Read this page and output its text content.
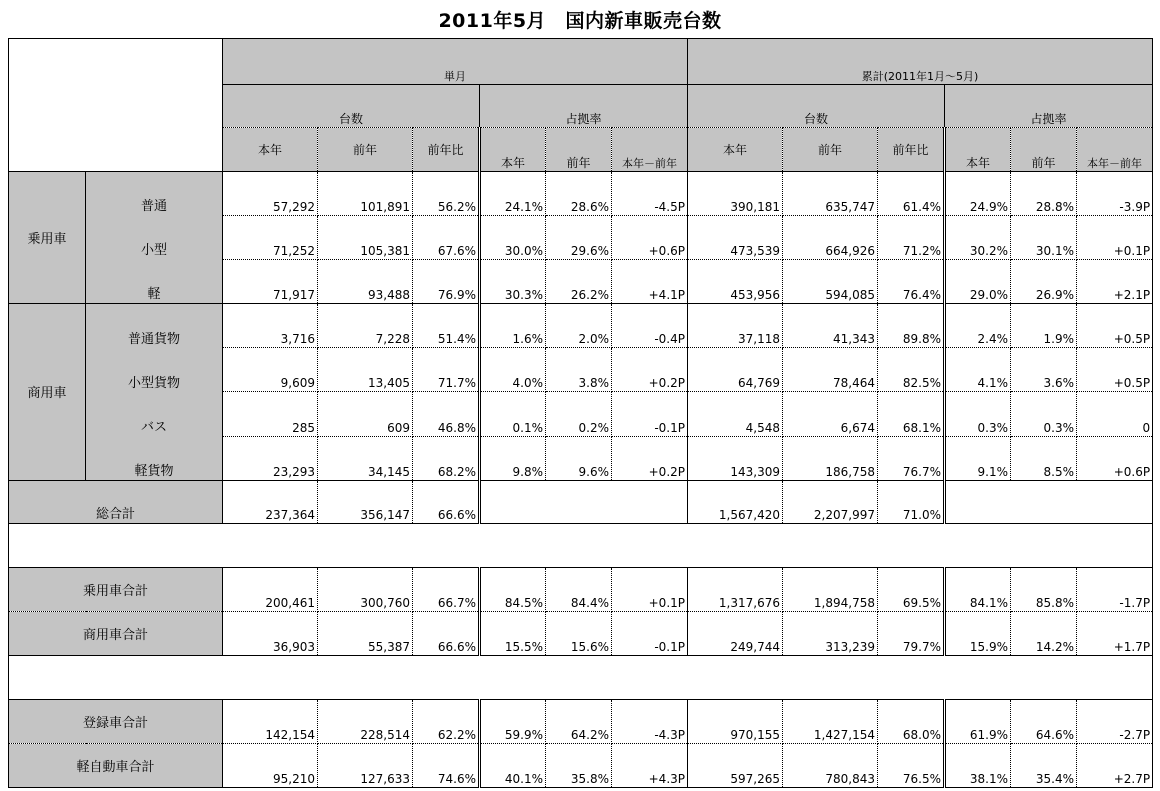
2011年5月　国内新車販売台数
		単月						累計(2011年1月～5月)					
		台数			占拠率			台数			占拠率		
		本年	前年	前年比	本年	前年	本年－前年	本年	前年	前年比	本年	前年	本年－前年
乗用車	普通	57,292	101,891	56.2%	24.1%	28.6%	-4.5P	390,181	635,747	61.4%	24.9%	28.8%	-3.9P
	小型	71,252	105,381	67.6%	30.0%	29.6%	+0.6P	473,539	664,926	71.2%	30.2%	30.1%	+0.1P
	軽	71,917	93,488	76.9%	30.3%	26.2%	+4.1P	453,956	594,085	76.4%	29.0%	26.9%	+2.1P
商用車	普通貨物	3,716	7,228	51.4%	1.6%	2.0%	-0.4P	37,118	41,343	89.8%	2.4%	1.9%	+0.5P
	小型貨物	9,609	13,405	71.7%	4.0%	3.8%	+0.2P	64,769	78,464	82.5%	4.1%	3.6%	+0.5P
	バス	285	609	46.8%	0.1%	0.2%	-0.1P	4,548	6,674	68.1%	0.3%	0.3%	0
	軽貨物	23,293	34,145	68.2%	9.8%	9.6%	+0.2P	143,309	186,758	76.7%	9.1%	8.5%	+0.6P
総合計		237,364	356,147	66.6%				1,567,420	2,207,997	71.0%			

乗用車合計		200,461	300,760	66.7%	84.5%	84.4%	+0.1P	1,317,676	1,894,758	69.5%	84.1%	85.8%	-1.7P
商用車合計		36,903	55,387	66.6%	15.5%	15.6%	-0.1P	249,744	313,239	79.7%	15.9%	14.2%	+1.7P

登録車合計		142,154	228,514	62.2%	59.9%	64.2%	-4.3P	970,155	1,427,154	68.0%	61.9%	64.6%	-2.7P
軽自動車合計		95,210	127,633	74.6%	40.1%	35.8%	+4.3P	597,265	780,843	76.5%	38.1%	35.4%	+2.7P
